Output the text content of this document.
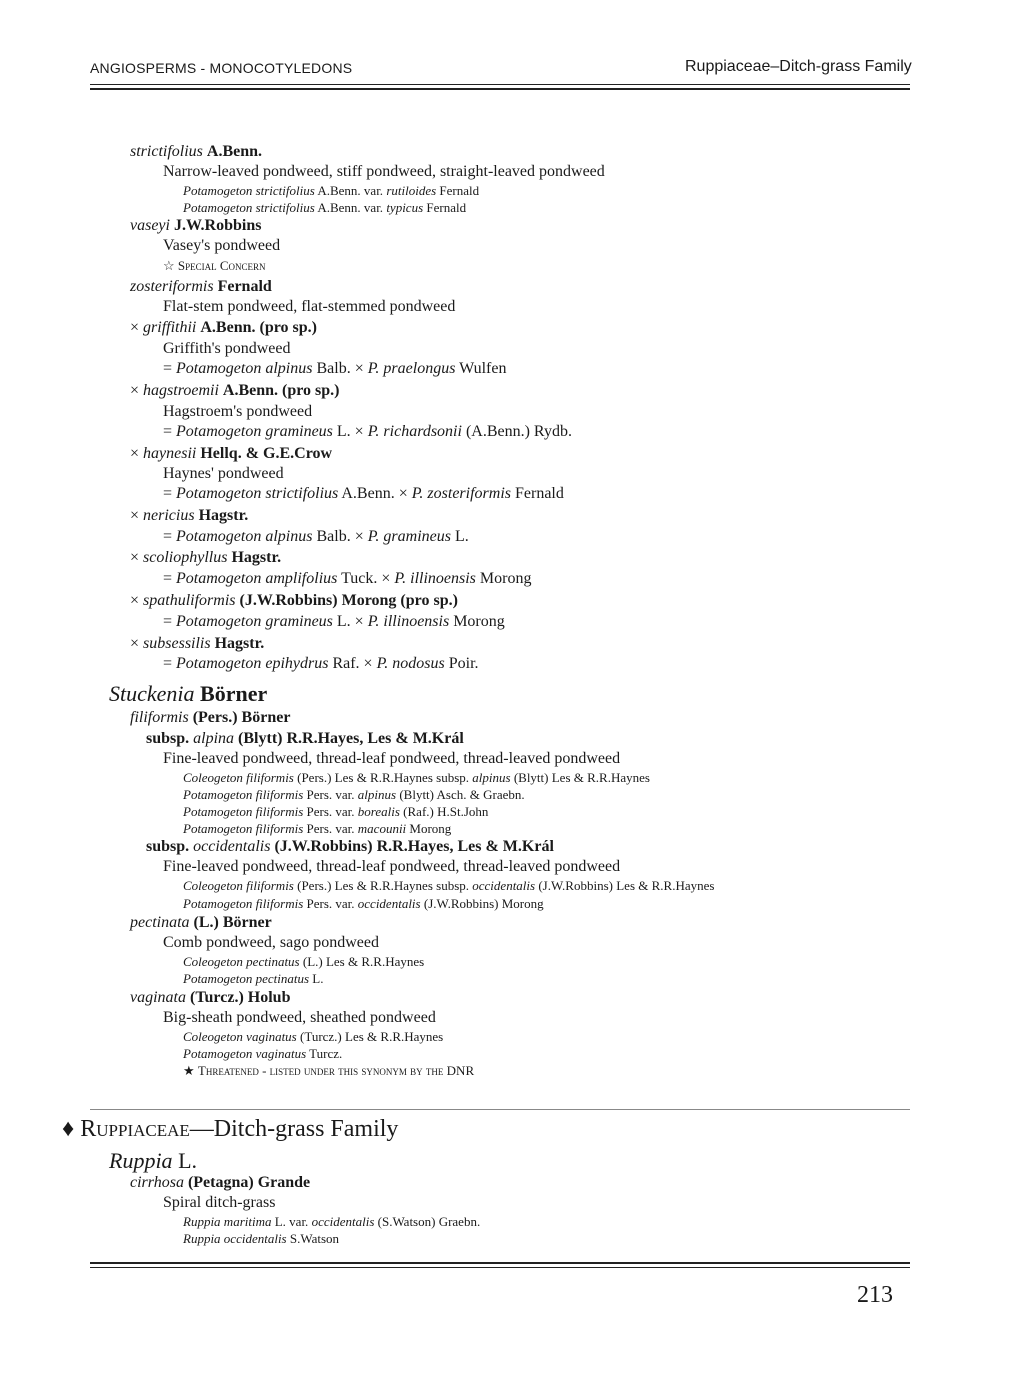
ANGIOSPERMS - MONOCOTYLEDONS	Ruppiaceae–Ditch-grass Family
strictifolius A.Benn.
Narrow-leaved pondweed, stiff pondweed, straight-leaved pondweed
Potamogeton strictifolius A.Benn. var. rutiloides Fernald
Potamogeton strictifolius A.Benn. var. typicus Fernald
vaseyi J.W.Robbins
Vasey's pondweed
☆ Special Concern
zosteriformis Fernald
Flat-stem pondweed, flat-stemmed pondweed
× griffithii A.Benn. (pro sp.)
Griffith's pondweed
= Potamogeton alpinus Balb. × P. praelongus Wulfen
× hagstroemii A.Benn. (pro sp.)
Hagstroem's pondweed
= Potamogeton gramineus L. × P. richardsonii (A.Benn.) Rydb.
× haynesii Hellq. & G.E.Crow
Haynes' pondweed
= Potamogeton strictifolius A.Benn. × P. zosteriformis Fernald
× nericius Hagstr.
= Potamogeton alpinus Balb. × P. gramineus L.
× scoliophyllus Hagstr.
= Potamogeton amplifolius Tuck. × P. illinoensis Morong
× spathuliformis (J.W.Robbins) Morong (pro sp.)
= Potamogeton gramineus L. × P. illinoensis Morong
× subsessilis Hagstr.
= Potamogeton epihydrus Raf. × P. nodosus Poir.
Stuckenia Börner
filiformis (Pers.) Börner
subsp. alpina (Blytt) R.R.Hayes, Les & M.Král
Fine-leaved pondweed, thread-leaf pondweed, thread-leaved pondweed
Coleogeton filiformis (Pers.) Les & R.R.Haynes subsp. alpinus (Blytt) Les & R.R.Haynes
Potamogeton filiformis Pers. var. alpinus (Blytt) Asch. & Graebn.
Potamogeton filiformis Pers. var. borealis (Raf.) H.St.John
Potamogeton filiformis Pers. var. macounii Morong
subsp. occidentalis (J.W.Robbins) R.R.Hayes, Les & M.Král
Fine-leaved pondweed, thread-leaf pondweed, thread-leaved pondweed
Coleogeton filiformis (Pers.) Les & R.R.Haynes subsp. occidentalis (J.W.Robbins) Les & R.R.Haynes
Potamogeton filiformis Pers. var. occidentalis (J.W.Robbins) Morong
pectinata (L.) Börner
Comb pondweed, sago pondweed
Coleogeton pectinatus (L.) Les & R.R.Haynes
Potamogeton pectinatus L.
vaginata (Turcz.) Holub
Big-sheath pondweed, sheathed pondweed
Coleogeton vaginatus (Turcz.) Les & R.R.Haynes
Potamogeton vaginatus Turcz.
★ Threatened - listed under this synonym by the DNR
♦ Ruppiaceae—Ditch-grass Family
Ruppia L.
cirrhosa (Petagna) Grande
Spiral ditch-grass
Ruppia maritima L. var. occidentalis (S.Watson) Graebn.
Ruppia occidentalis S.Watson
213
